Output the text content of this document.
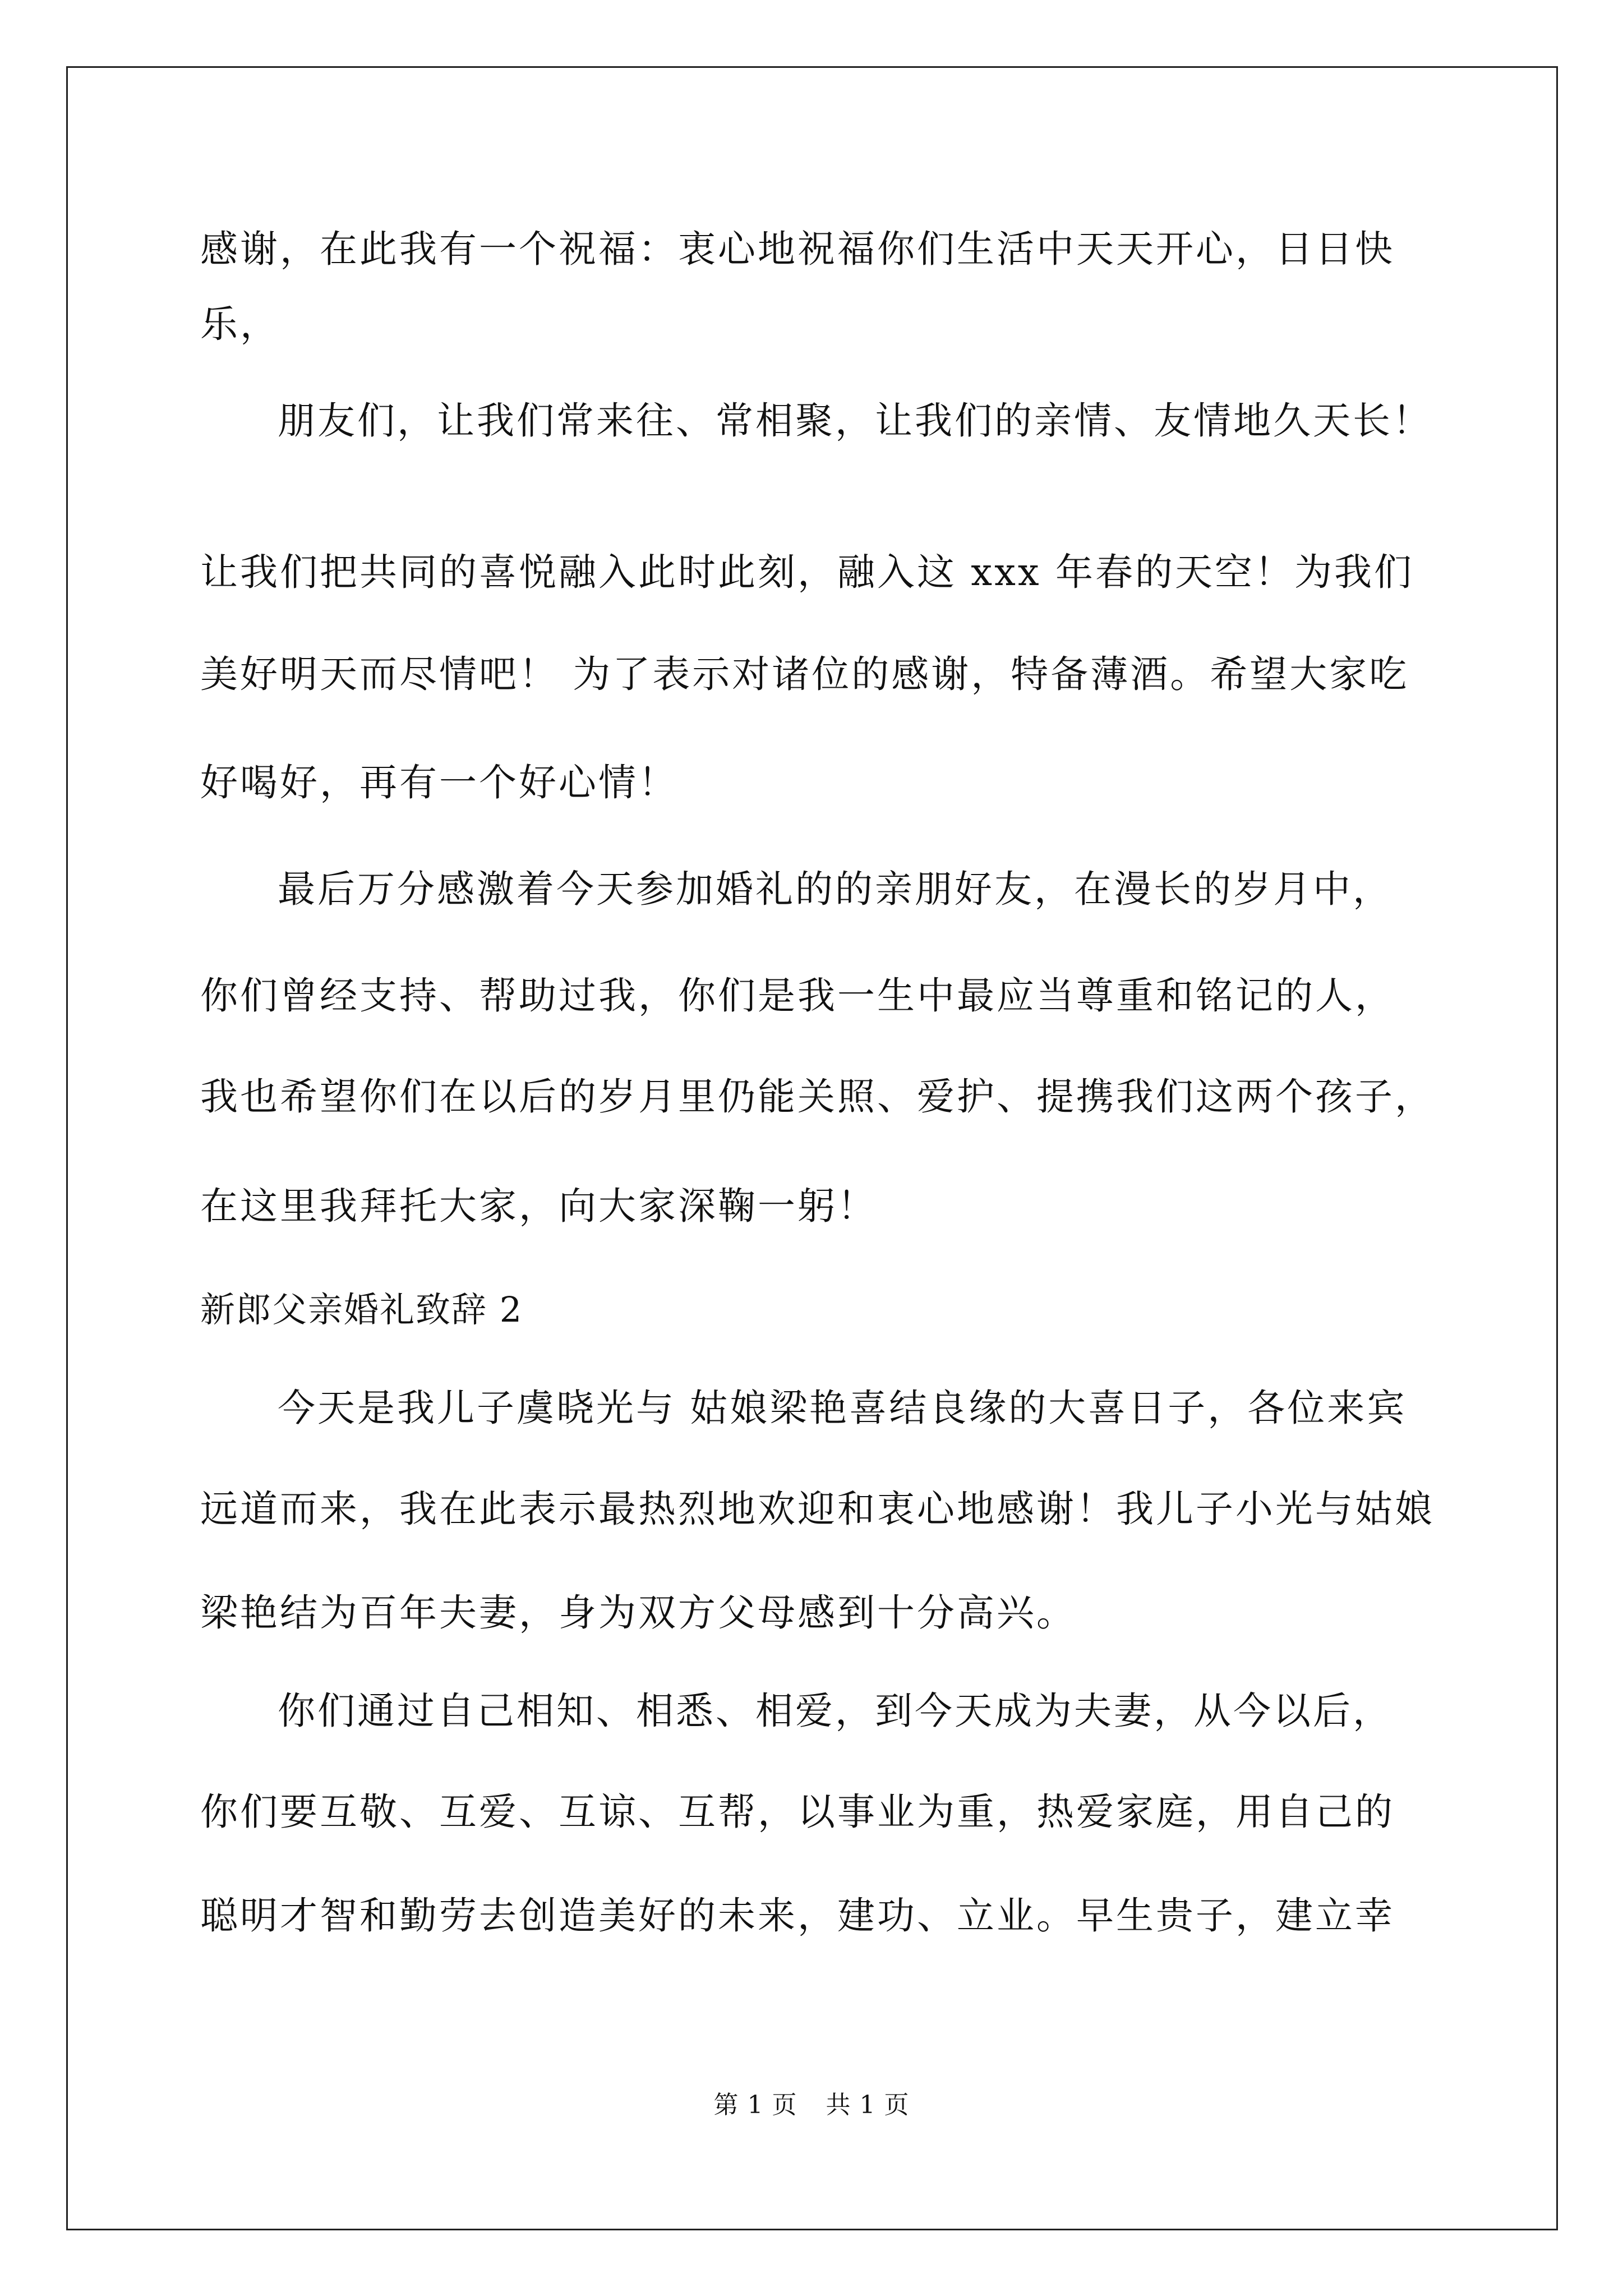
感谢，在此我有一个祝福：衷心地祝福你们生活中天天开心，日日快
乐，
朋友们，让我们常来往、常相聚，让我们的亲情、友情地久天长！
让我们把共同的喜悦融入此时此刻，融入这 xxx 年春的天空！为我们
美好明天而尽情吧！ 为了表示对诸位的感谢，特备薄酒。希望大家吃
好喝好，再有一个好心情！
最后万分感激着今天参加婚礼的的亲朋好友，在漫长的岁月中，
你们曾经支持、帮助过我，你们是我一生中最应当尊重和铭记的人，
我也希望你们在以后的岁月里仍能关照、爱护、提携我们这两个孩子，
在这里我拜托大家，向大家深鞠一躬！
新郎父亲婚礼致辞 2
今天是我儿子虞晓光与 姑娘梁艳喜结良缘的大喜日子，各位来宾
远道而来，我在此表示最热烈地欢迎和衷心地感谢！我儿子小光与姑娘
梁艳结为百年夫妻，身为双方父母感到十分高兴。
你们通过自己相知、相悉、相爱，到今天成为夫妻，从今以后，
你们要互敬、互爱、互谅、互帮，以事业为重，热爱家庭，用自己的
聪明才智和勤劳去创造美好的未来，建功、立业。早生贵子，建立幸
第 1 页 共 1 页
